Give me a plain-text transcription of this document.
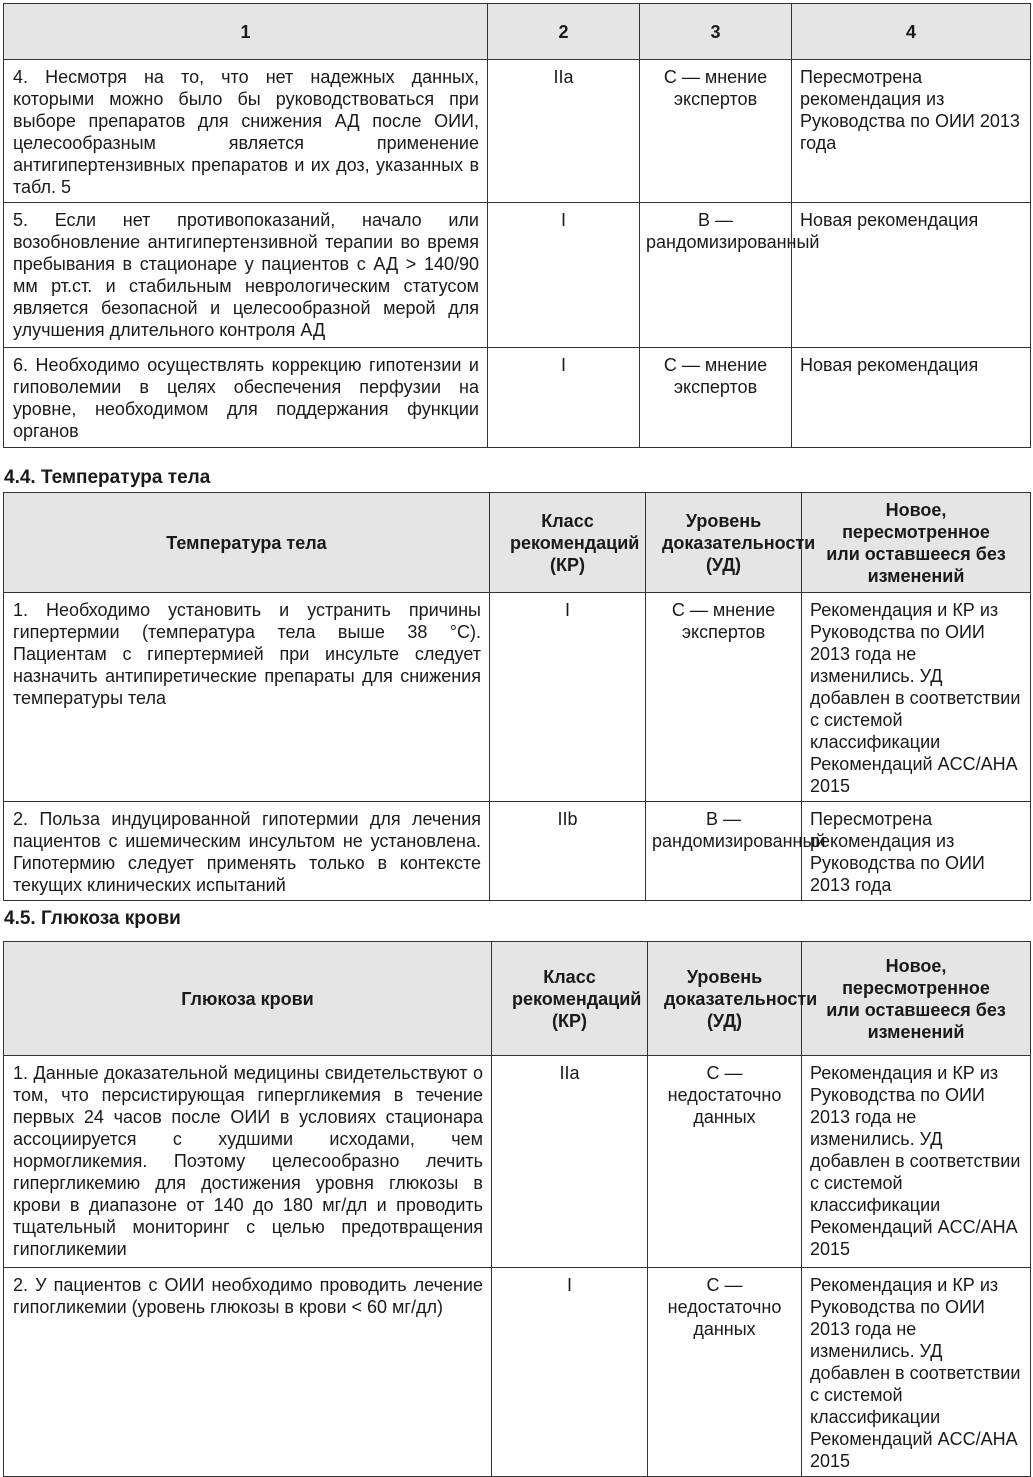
1	2	3	4
4. Несмотря на то, что нет надежных данных, которыми можно было бы руководствоваться при выборе препаратов для снижения АД после ОИИ, целесообразным является применение антигипертензивных препаратов и их доз, указанных в табл. 5	IIa	C — мнение экспертов	Пересмотрена рекомендация из Руководства по ОИИ 2013 года
5. Если нет противопоказаний, начало или возобновление антигипертензивной терапии во время пребывания в стационаре у пациентов с АД > 140/90 мм рт.ст. и стабильным неврологическим статусом является безопасной и целесообразной мерой для улучшения длительного контроля АД	I	B — рандомизированный	Новая рекомендация
6. Необходимо осуществлять коррекцию гипотензии и гиповолемии в целях обеспечения перфузии на уровне, необходимом для поддержания функции органов	I	C — мнение экспертов	Новая рекомендация
4.4. Температура тела
Температура тела	Класс рекомендаций (КР)	Уровень доказательности (УД)	Новое, пересмотренное или оставшееся без изменений
1. Необходимо установить и устранить причины гипертермии (температура тела выше 38 °С). Пациентам с гипертермией при инсульте следует назначить антипиретические препараты для снижения температуры тела	I	C — мнение экспертов	Рекомендация и КР из Руководства по ОИИ 2013 года не изменились. УД добавлен в соответствии с системой классификации Рекомендаций ACC/AHA 2015
2. Польза индуцированной гипотермии для лечения пациентов с ишемическим инсультом не установлена. Гипотермию следует применять только в контексте текущих клинических испытаний	IIb	B — рандомизированный	Пересмотрена рекомендация из Руководства по ОИИ 2013 года
4.5. Глюкоза крови
Глюкоза крови	Класс рекомендаций (КР)	Уровень доказательности (УД)	Новое, пересмотренное или оставшееся без изменений
1. Данные доказательной медицины свидетельствуют о том, что персистирующая гипергликемия в течение первых 24 часов после ОИИ в условиях стационара ассоциируется с худшими исходами, чем нормогликемия. Поэтому целесообразно лечить гипергликемию для достижения уровня глюкозы в крови в диапазоне от 140 до 180 мг/дл и проводить тщательный мониторинг с целью предотвращения гипогликемии	IIa	C — недостаточно данных	Рекомендация и КР из Руководства по ОИИ 2013 года не изменились. УД добавлен в соответствии с системой классификации Рекомендаций ACC/AHA 2015
2. У пациентов с ОИИ необходимо проводить лечение гипогликемии (уровень глюкозы в крови < 60 мг/дл)	I	C — недостаточно данных	Рекомендация и КР из Руководства по ОИИ 2013 года не изменились. УД добавлен в соответствии с системой классификации Рекомендаций ACC/AHA 2015
